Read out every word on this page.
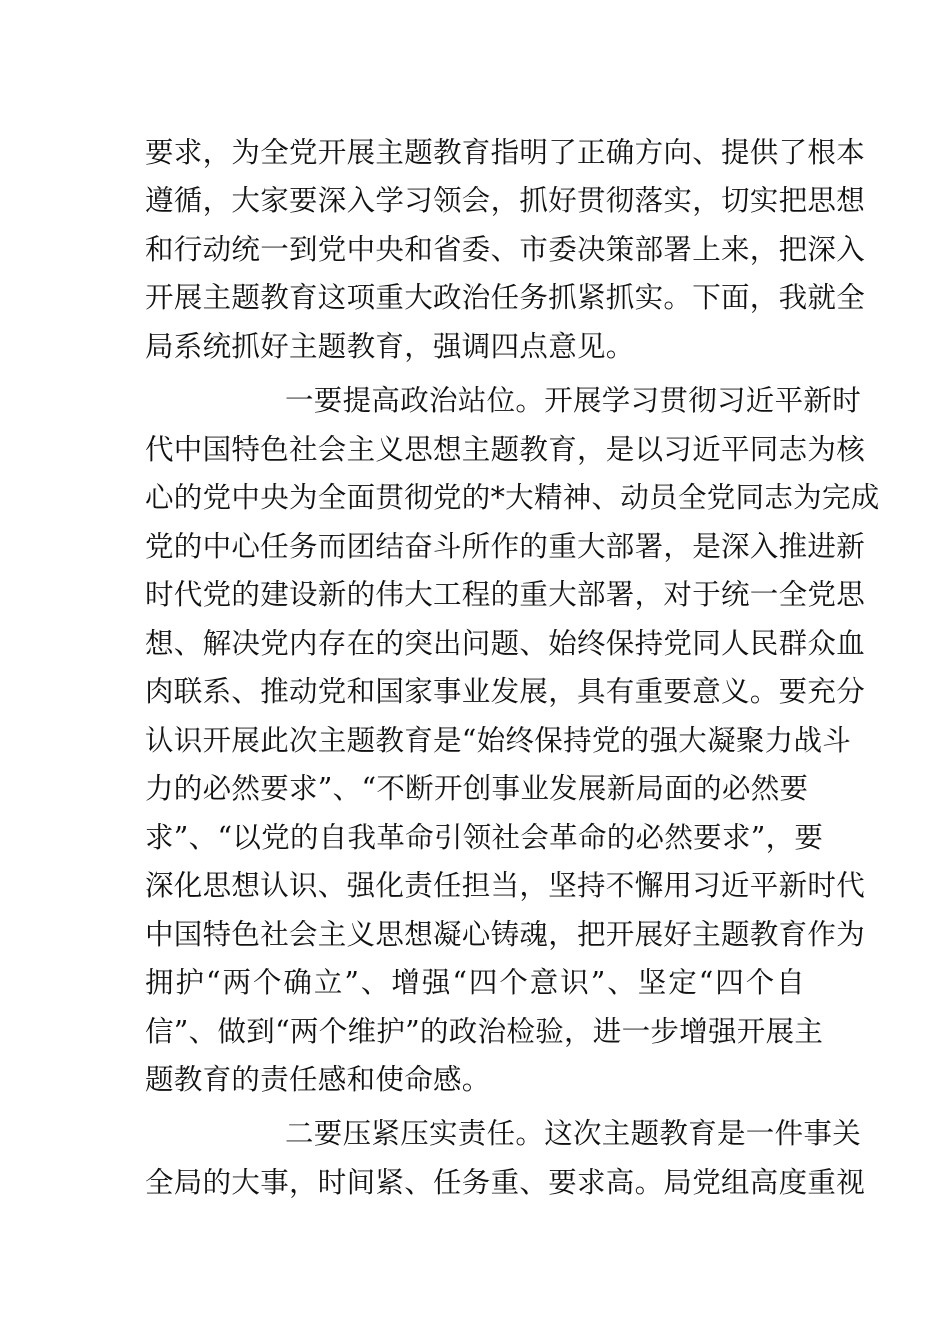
要求，为全党开展主题教育指明了正确方向、提供了根本
遵循，大家要深入学习领会，抓好贯彻落实，切实把思想
和行动统一到党中央和省委、市委决策部署上来，把深入
开展主题教育这项重大政治任务抓紧抓实。下面，我就全
局系统抓好主题教育，强调四点意见。
一要提高政治站位。开展学习贯彻习近平新时
代中国特色社会主义思想主题教育，是以习近平同志为核
心的党中央为全面贯彻党的*大精神、动员全党同志为完成
党的中心任务而团结奋斗所作的重大部署，是深入推进新
时代党的建设新的伟大工程的重大部署，对于统一全党思
想、解决党内存在的突出问题、始终保持党同人民群众血
肉联系、推动党和国家事业发展，具有重要意义。要充分
认识开展此次主题教育是“始终保持党的强大凝聚力战斗
力的必然要求”、“不断开创事业发展新局面的必然要
求”、“以党的自我革命引领社会革命的必然要求”，要
深化思想认识、强化责任担当，坚持不懈用习近平新时代
中国特色社会主义思想凝心铸魂，把开展好主题教育作为
拥护“两个确立”、增强“四个意识”、坚定“四个自
信”、做到“两个维护”的政治检验，进一步增强开展主
题教育的责任感和使命感。
二要压紧压实责任。这次主题教育是一件事关
全局的大事，时间紧、任务重、要求高。局党组高度重视
